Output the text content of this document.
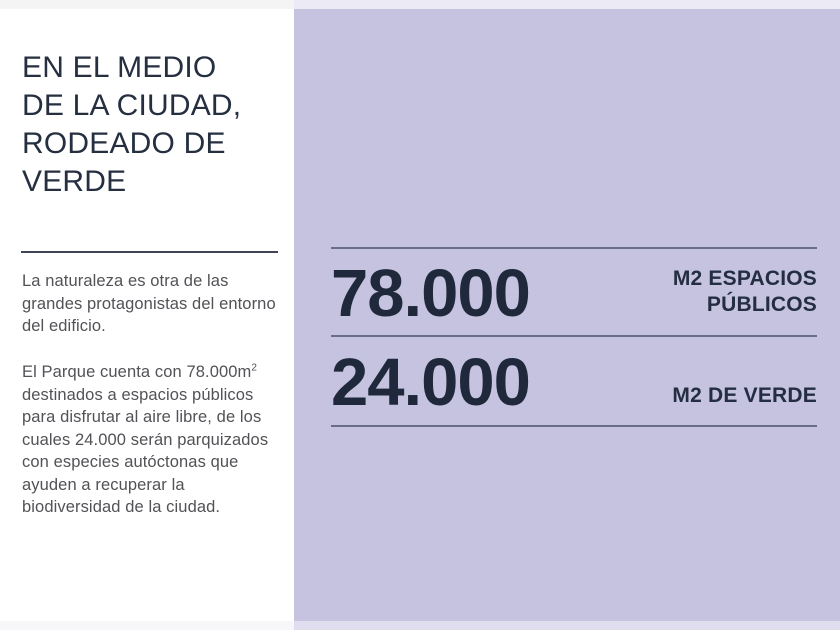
EN EL MEDIO
DE LA CIUDAD,
RODEADO DE
VERDE

La naturaleza es otra de las grandes protagonistas del entorno del edificio.

El Parque cuenta con $78.000m^2$ destinados a espacios públicos para disfrutar al aire libre, de los cuales 24.000 serán parquizados con especies autóctonas que ayuden a recuperar la biodiversidad de la ciudad.

78.000	M2 ESPACIOS PÚBLICOS
24.000	M2 DE VERDE
